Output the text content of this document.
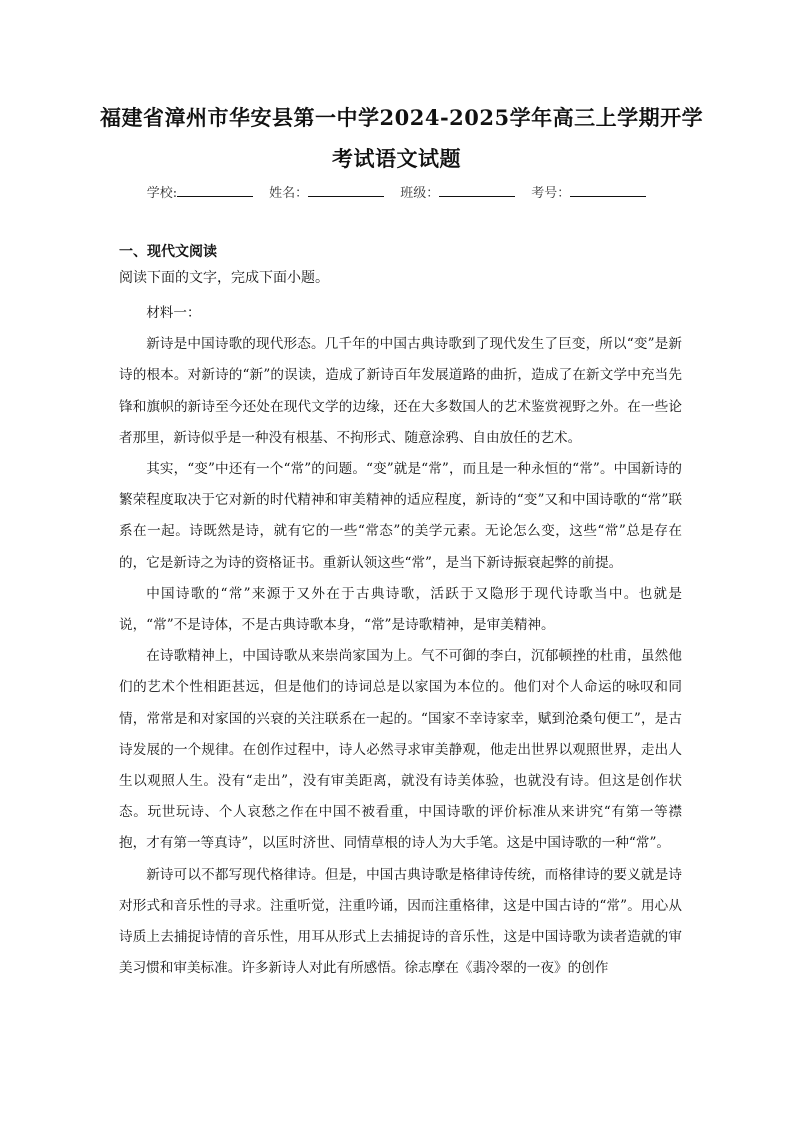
福建省漳州市华安县第一中学2024-2025学年高三上学期开学
考试语文试题
学校:	姓名：	班级：	考号：
一、现代文阅读
阅读下面的文字，完成下面小题。

材料一：

新诗是中国诗歌的现代形态。几千年的中国古典诗歌到了现代发生了巨变，所以“变”是新诗的根本。对新诗的“新”的误读，造成了新诗百年发展道路的曲折，造成了在新文学中充当先锋和旗帜的新诗至今还处在现代文学的边缘，还在大多数国人的艺术鉴赏视野之外。在一些论者那里，新诗似乎是一种没有根基、不拘形式、随意涂鸦、自由放任的艺术。

其实，“变”中还有一个“常”的问题。“变”就是“常”，而且是一种永恒的“常”。中国新诗的繁荣程度取决于它对新的时代精神和审美精神的适应程度，新诗的“变”又和中国诗歌的“常”联系在一起。诗既然是诗，就有它的一些“常态”的美学元素。无论怎么变，这些“常”总是存在的，它是新诗之为诗的资格证书。重新认领这些“常”，是当下新诗振衰起弊的前提。

中国诗歌的“常”来源于又外在于古典诗歌，活跃于又隐形于现代诗歌当中。也就是说，“常”不是诗体，不是古典诗歌本身，“常”是诗歌精神，是审美精神。

在诗歌精神上，中国诗歌从来崇尚家国为上。气不可御的李白，沉郁顿挫的杜甫，虽然他们的艺术个性相距甚远，但是他们的诗词总是以家国为本位的。他们对个人命运的咏叹和同情，常常是和对家国的兴衰的关注联系在一起的。“国家不幸诗家幸，赋到沧桑句便工”，是古诗发展的一个规律。在创作过程中，诗人必然寻求审美静观，他走出世界以观照世界，走出人生以观照人生。没有“走出”，没有审美距离，就没有诗美体验，也就没有诗。但这是创作状态。玩世玩诗、个人哀愁之作在中国不被看重，中国诗歌的评价标准从来讲究“有第一等襟抱，才有第一等真诗”，以匡时济世、同情草根的诗人为大手笔。这是中国诗歌的一种“常”。

新诗可以不都写现代格律诗。但是，中国古典诗歌是格律诗传统，而格律诗的要义就是诗对形式和音乐性的寻求。注重听觉，注重吟诵，因而注重格律，这是中国古诗的“常”。用心从诗质上去捕捉诗情的音乐性，用耳从形式上去捕捉诗的音乐性，这是中国诗歌为读者造就的审美习惯和审美标准。许多新诗人对此有所感悟。徐志摩在《翡冷翠的一夜》的创作
